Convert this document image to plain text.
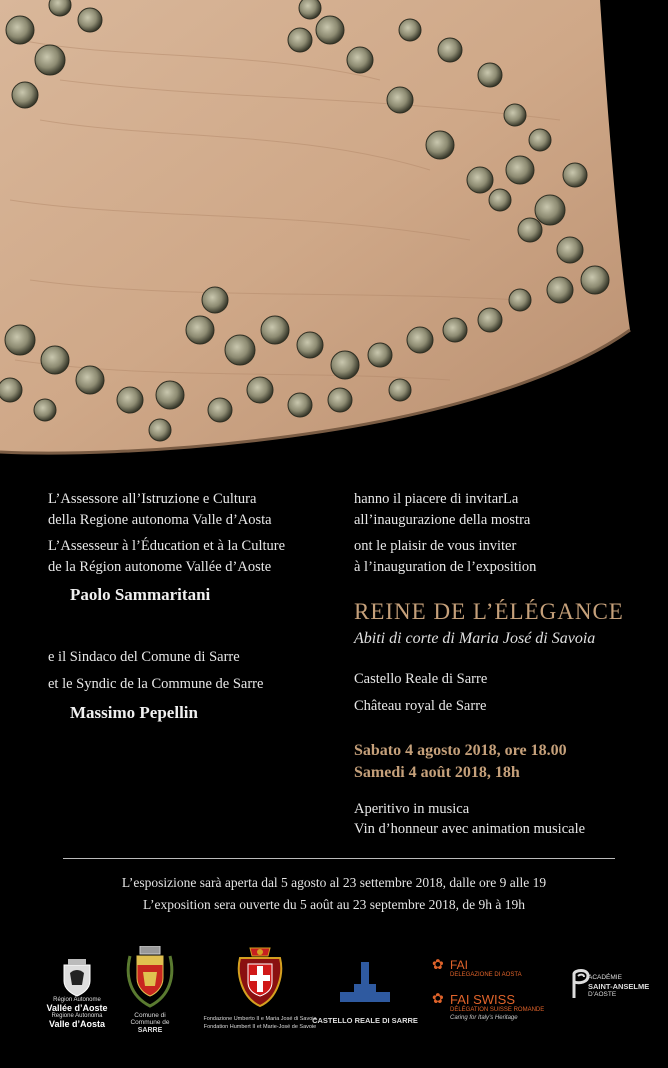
L’Assessore all’Istruzione e Cultura
della Regione autonoma Valle d’Aosta
L’Assesseur à l’Éducation et à la Culture
de la Région autonome Vallée d’Aoste
Paolo Sammaritani
e il Sindaco del Comune di Sarre
et le Syndic de la Commune de Sarre
Massimo Pepellin
hanno il piacere di invitarLa
all’inaugurazione della mostra
ont le plaisir de vous inviter
à l’inauguration de l’exposition
REINE DE L’ÉLÉGANCE
Abiti di corte di Maria José di Savoia
Castello Reale di Sarre
Château royal de Sarre
Sabato 4 agosto 2018, ore 18.00
Samedi 4 août 2018, 18h
Aperitivo in musica
Vin d’honneur avec animation musicale
L’esposizione sarà aperta dal 5 agosto al 23 settembre 2018, dalle ore 9 alle 19
L’exposition sera ouverte du 5 août au 23 septembre 2018, de 9h à 19h
Région Autonome
Vallée d’Aoste
Regione Autonoma
Valle d’Aosta
Comune di
Commune de
SARRE
Fondazione Umberto II e Maria José di Savoia
Fondation Humbert II et Marie-José de Savoie
CASTELLO REALE DI SARRE
✿ FAI
DELEGAZIONE DI AOSTA
✿ FAI SWISS
DÉLÉGATION SUISSE ROMANDE
Caring for Italy’s Heritage
ACADÉMIE
SAINT-ANSELME
D’AOSTE
